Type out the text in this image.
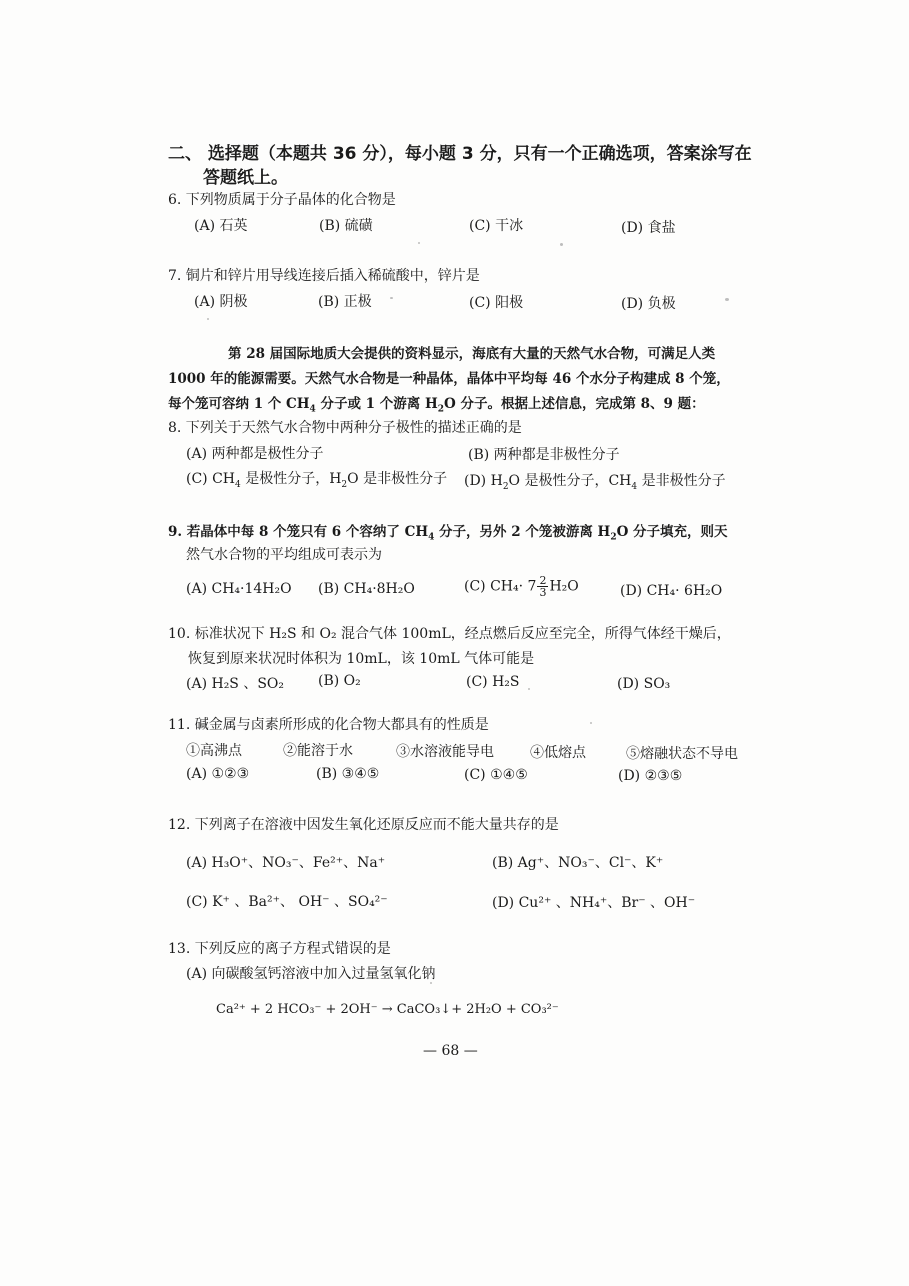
二、 选择题（本题共 36 分），每小题 3 分，只有一个正确选项，答案涂写在
答题纸上。
6. 下列物质属于分子晶体的化合物是
(A) 石英	(B) 硫磺	(C) 干冰	(D) 食盐
7. 铜片和锌片用导线连接后插入稀硫酸中，锌片是
(A) 阴极	(B) 正极	(C) 阳极	(D) 负极
第 28 届国际地质大会提供的资料显示，海底有大量的天然气水合物，可满足人类
1000 年的能源需要。天然气水合物是一种晶体，晶体中平均每 46 个水分子构建成 8 个笼，
每个笼可容纳 1 个 $CH_4$ 分子或 1 个游离 $H_2O$ 分子。根据上述信息，完成第 8、9 题：
8. 下列关于天然气水合物中两种分子极性的描述正确的是
(A) 两种都是极性分子	(B) 两种都是非极性分子
(C) $CH_4$ 是极性分子，$H_2O$ 是非极性分子 (D) $H_2O$ 是极性分子，$CH_4$ 是非极性分子
9. 若晶体中每 8 个笼只有 6 个容纳了 $CH_4$ 分子，另外 2 个笼被游离 $H_2O$ 分子填充，则天
然气水合物的平均组成可表示为
(A) CH₄·14H₂O (B) CH₄·8H₂O	(C) $CH_4\cdot 7 \frac{2}{3} H_2O$	(D) CH₄· 6H₂O
10. 标准状况下 H₂S 和 O₂ 混合气体 100mL，经点燃后反应至完全，所得气体经干燥后，
恢复到原来状况时体积为 10mL，该 10mL 气体可能是
(A) H₂S 、SO₂ (B) O₂	(C) H₂S	(D) SO₃
11. 碱金属与卤素所形成的化合物大都具有的性质是
①高沸点	②能溶于水	③水溶液能导电	④低熔点	⑤熔融状态不导电
(A) ①②③	(B) ③④⑤	(C) ①④⑤	(D) ②③⑤
12. 下列离子在溶液中因发生氧化还原反应而不能大量共存的是
(A) H₃O⁺、NO₃⁻、Fe²⁺、Na⁺	(B) Ag⁺、NO₃⁻、Cl⁻、K⁺
(C) K⁺ 、Ba²⁺、 OH⁻ 、SO₄²⁻	(D) Cu²⁺ 、NH₄⁺、Br⁻ 、OH⁻
13. 下列反应的离子方程式错误的是
(A) 向碳酸氢钙溶液中加入过量氢氧化钠
Ca²⁺ + 2 HCO₃⁻ + 2OH⁻ → CaCO₃↓+ 2H₂O + CO₃²⁻
— 68 —
